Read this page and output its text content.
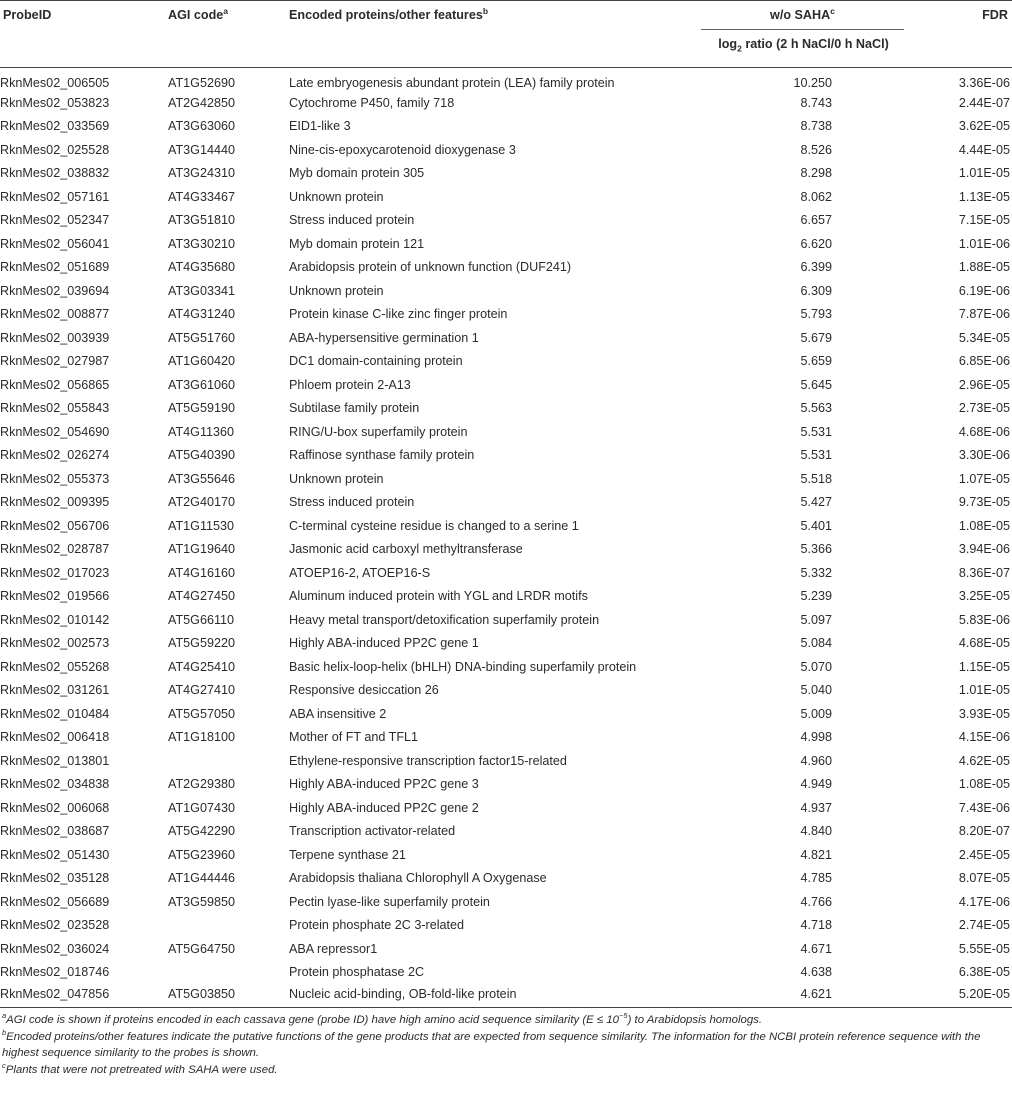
ProbeID	AGI code$^a$	Encoded proteins/other features$^b$	w/o SAHA$^c$	FDR
			$\log_2$ ratio (2 h NaCl/0 h NaCl)	
RknMes02_006505	AT1G52690	Late embryogenesis abundant protein (LEA) family protein	10.250	3.36E-06
RknMes02_053823	AT2G42850	Cytochrome P450, family 718	8.743	2.44E-07
RknMes02_033569	AT3G63060	EID1-like 3	8.738	3.62E-05
RknMes02_025528	AT3G14440	Nine-cis-epoxycarotenoid dioxygenase 3	8.526	4.44E-05
RknMes02_038832	AT3G24310	Myb domain protein 305	8.298	1.01E-05
RknMes02_057161	AT4G33467	Unknown protein	8.062	1.13E-05
RknMes02_052347	AT3G51810	Stress induced protein	6.657	7.15E-05
RknMes02_056041	AT3G30210	Myb domain protein 121	6.620	1.01E-06
RknMes02_051689	AT4G35680	Arabidopsis protein of unknown function (DUF241)	6.399	1.88E-05
RknMes02_039694	AT3G03341	Unknown protein	6.309	6.19E-06
RknMes02_008877	AT4G31240	Protein kinase C-like zinc finger protein	5.793	7.87E-06
RknMes02_003939	AT5G51760	ABA-hypersensitive germination 1	5.679	5.34E-05
RknMes02_027987	AT1G60420	DC1 domain-containing protein	5.659	6.85E-06
RknMes02_056865	AT3G61060	Phloem protein 2-A13	5.645	2.96E-05
RknMes02_055843	AT5G59190	Subtilase family protein	5.563	2.73E-05
RknMes02_054690	AT4G11360	RING/U-box superfamily protein	5.531	4.68E-06
RknMes02_026274	AT5G40390	Raffinose synthase family protein	5.531	3.30E-06
RknMes02_055373	AT3G55646	Unknown protein	5.518	1.07E-05
RknMes02_009395	AT2G40170	Stress induced protein	5.427	9.73E-05
RknMes02_056706	AT1G11530	C-terminal cysteine residue is changed to a serine 1	5.401	1.08E-05
RknMes02_028787	AT1G19640	Jasmonic acid carboxyl methyltransferase	5.366	3.94E-06
RknMes02_017023	AT4G16160	ATOEP16-2, ATOEP16-S	5.332	8.36E-07
RknMes02_019566	AT4G27450	Aluminum induced protein with YGL and LRDR motifs	5.239	3.25E-05
RknMes02_010142	AT5G66110	Heavy metal transport/detoxification superfamily protein	5.097	5.83E-06
RknMes02_002573	AT5G59220	Highly ABA-induced PP2C gene 1	5.084	4.68E-05
RknMes02_055268	AT4G25410	Basic helix-loop-helix (bHLH) DNA-binding superfamily protein	5.070	1.15E-05
RknMes02_031261	AT4G27410	Responsive desiccation 26	5.040	1.01E-05
RknMes02_010484	AT5G57050	ABA insensitive 2	5.009	3.93E-05
RknMes02_006418	AT1G18100	Mother of FT and TFL1	4.998	4.15E-06
RknMes02_013801		Ethylene-responsive transcription factor15-related	4.960	4.62E-05
RknMes02_034838	AT2G29380	Highly ABA-induced PP2C gene 3	4.949	1.08E-05
RknMes02_006068	AT1G07430	Highly ABA-induced PP2C gene 2	4.937	7.43E-06
RknMes02_038687	AT5G42290	Transcription activator-related	4.840	8.20E-07
RknMes02_051430	AT5G23960	Terpene synthase 21	4.821	2.45E-05
RknMes02_035128	AT1G44446	Arabidopsis thaliana Chlorophyll A Oxygenase	4.785	8.07E-05
RknMes02_056689	AT3G59850	Pectin lyase-like superfamily protein	4.766	4.17E-06
RknMes02_023528		Protein phosphate 2C 3-related	4.718	2.74E-05
RknMes02_036024	AT5G64750	ABA repressor1	4.671	5.55E-05
RknMes02_018746		Protein phosphatase 2C	4.638	6.38E-05
RknMes02_047856	AT5G03850	Nucleic acid-binding, OB-fold-like protein	4.621	5.20E-05

$^a$AGI code is shown if proteins encoded in each cassava gene (probe ID) have high amino acid sequence similarity $(E \le 10^{-5})$ to Arabidopsis homologs.

$^b$Encoded proteins/other features indicate the putative functions of the gene products that are expected from sequence similarity. The information for the NCBI protein reference sequence with the highest sequence similarity to the probes is shown.

$^c$Plants that were not pretreated with SAHA were used.
